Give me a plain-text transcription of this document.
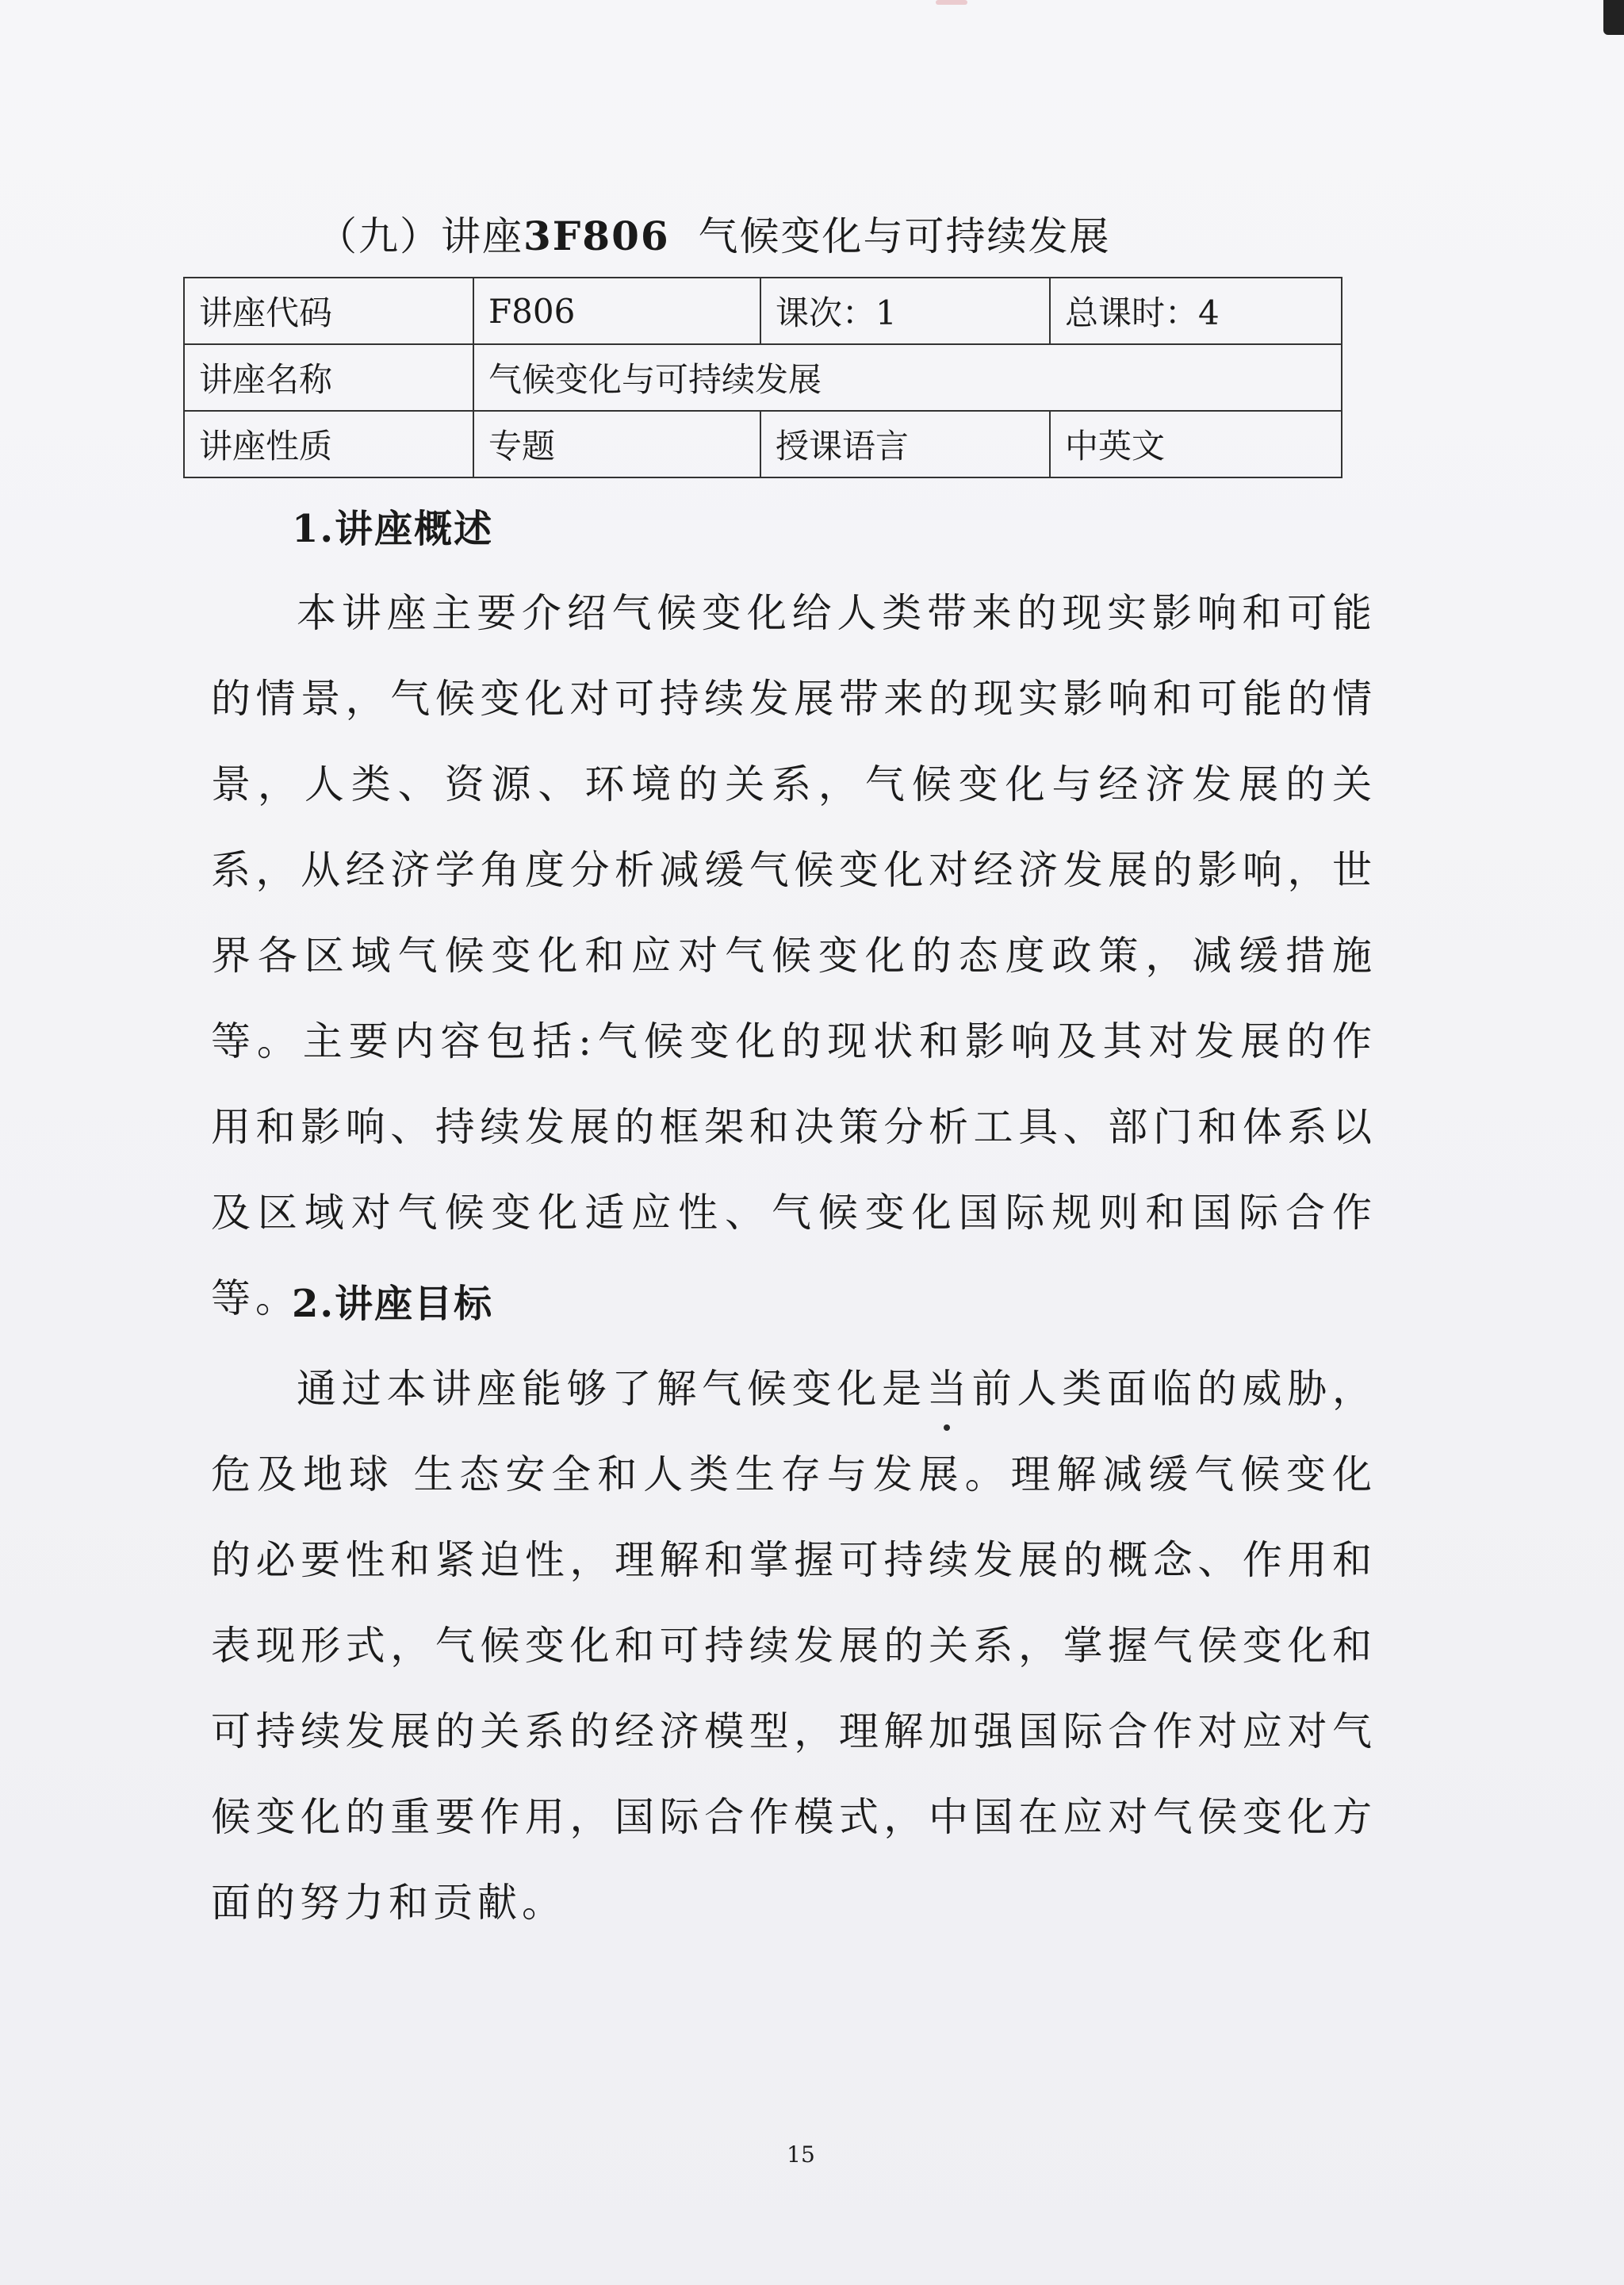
（九）讲座3F806 气候变化与可持续发展
讲座代码	F806	课次：1	总课时：4
讲座名称	气候变化与可持续发展		
讲座性质	专题	授课语言	中英文
1.讲座概述
本讲座主要介绍气候变化给人类带来的现实影响和可能的情景，气候变化对可持续发展带来的现实影响和可能的情景，人类、资源、环境的关系，气候变化与经济发展的关系，从经济学角度分析减缓气候变化对经济发展的影响，世界各区域气候变化和应对气候变化的态度政策，减缓措施等。主要内容包括:气候变化的现状和影响及其对发展的作用和影响、持续发展的框架和决策分析工具、部门和体系以及区域对气候变化适应性、气候变化国际规则和国际合作等。
2.讲座目标
通过本讲座能够了解气候变化是当前人类面临的威胁，危及地球 生态安全和人类生存与发展。理解减缓气候变化的必要性和紧迫性，理解和掌握可持续发展的概念、作用和表现形式，气候变化和可持续发展的关系，掌握气侯变化和可持续发展的关系的经济模型，理解加强国际合作对应对气候变化的重要作用，国际合作模式，中国在应对气侯变化方面的努力和贡献。
15
